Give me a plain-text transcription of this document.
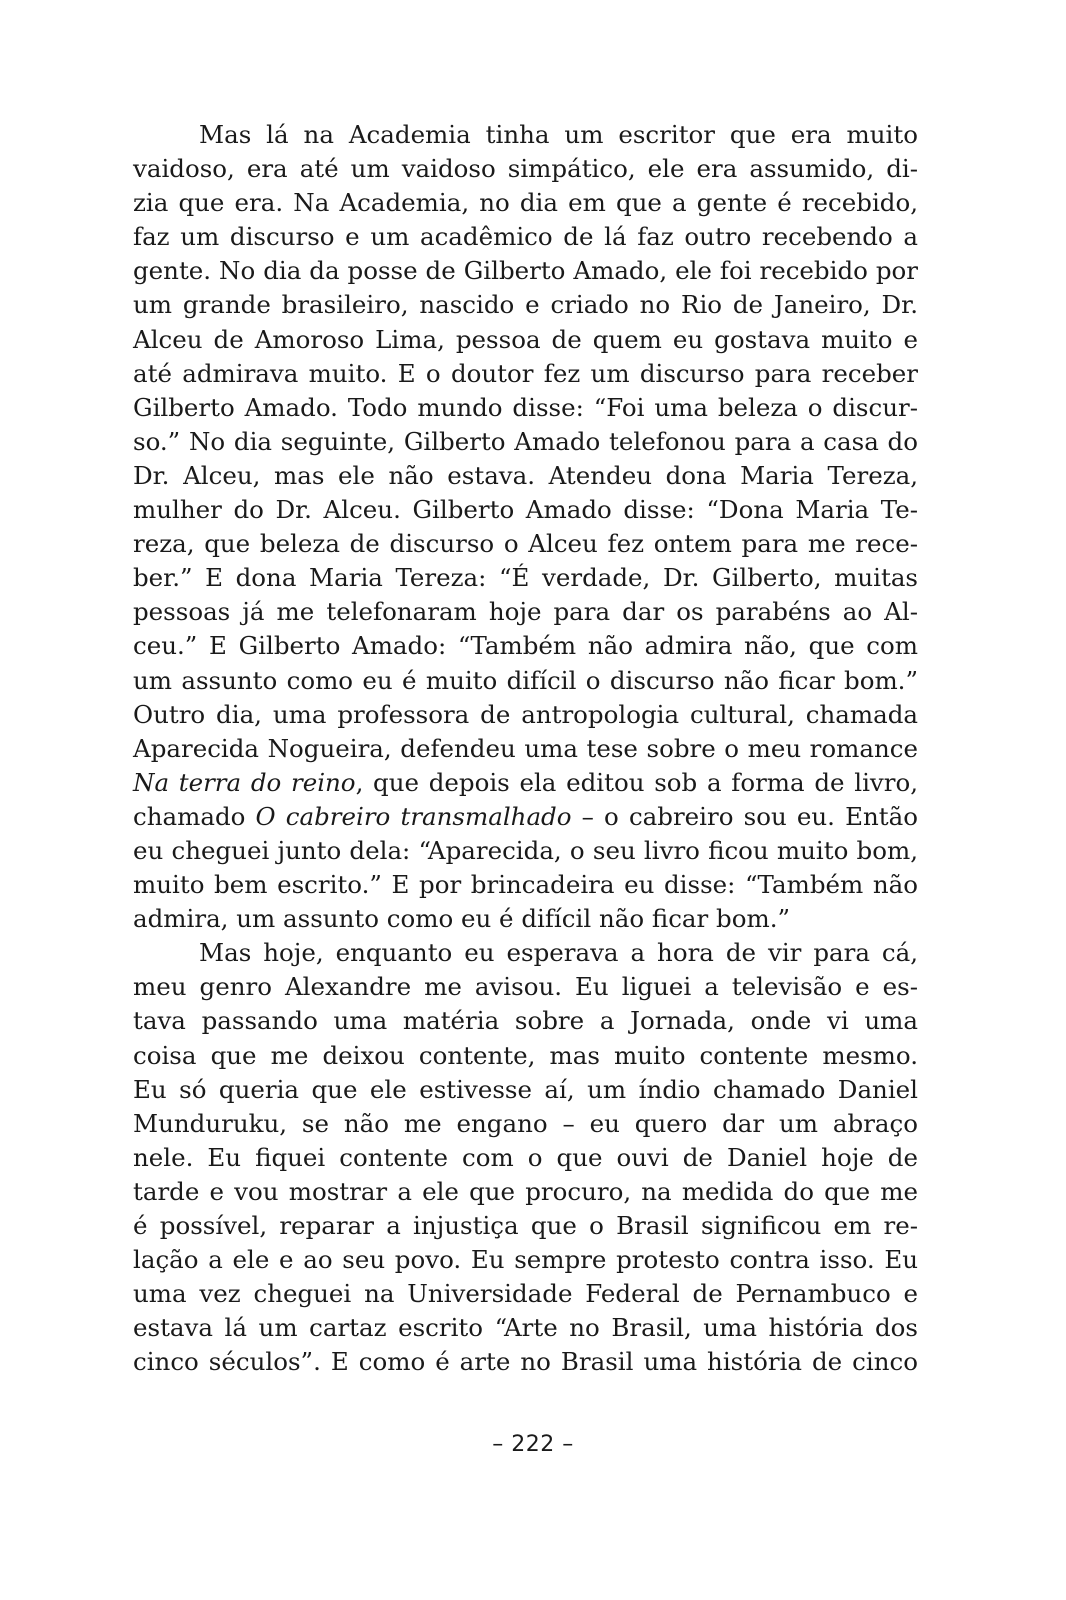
Mas lá na Academia tinha um escritor que era muito
vaidoso, era até um vaidoso simpático, ele era assumido, di-
zia que era. Na Academia, no dia em que a gente é recebido,
faz um discurso e um acadêmico de lá faz outro recebendo a
gente. No dia da posse de Gilberto Amado, ele foi recebido por
um grande brasileiro, nascido e criado no Rio de Janeiro, Dr.
Alceu de Amoroso Lima, pessoa de quem eu gostava muito e
até admirava muito. E o doutor fez um discurso para receber
Gilberto Amado. Todo mundo disse: “Foi uma beleza o discur-
so.” No dia seguinte, Gilberto Amado telefonou para a casa do
Dr. Alceu, mas ele não estava. Atendeu dona Maria Tereza,
mulher do Dr. Alceu. Gilberto Amado disse: “Dona Maria Te-
reza, que beleza de discurso o Alceu fez ontem para me rece-
ber.” E dona Maria Tereza: “É verdade, Dr. Gilberto, muitas
pessoas já me telefonaram hoje para dar os parabéns ao Al-
ceu.” E Gilberto Amado: “Também não admira não, que com
um assunto como eu é muito difícil o discurso não ficar bom.”
Outro dia, uma professora de antropologia cultural, chamada
Aparecida Nogueira, defendeu uma tese sobre o meu romance
Na terra do reino, que depois ela editou sob a forma de livro,
chamado O cabreiro transmalhado – o cabreiro sou eu. Então
eu cheguei junto dela: “Aparecida, o seu livro ficou muito bom,
muito bem escrito.” E por brincadeira eu disse: “Também não
admira, um assunto como eu é difícil não ficar bom.”
Mas hoje, enquanto eu esperava a hora de vir para cá,
meu genro Alexandre me avisou. Eu liguei a televisão e es-
tava passando uma matéria sobre a Jornada, onde vi uma
coisa que me deixou contente, mas muito contente mesmo.
Eu só queria que ele estivesse aí, um índio chamado Daniel
Munduruku, se não me engano – eu quero dar um abraço
nele. Eu fiquei contente com o que ouvi de Daniel hoje de
tarde e vou mostrar a ele que procuro, na medida do que me
é possível, reparar a injustiça que o Brasil significou em re-
lação a ele e ao seu povo. Eu sempre protesto contra isso. Eu
uma vez cheguei na Universidade Federal de Pernambuco e
estava lá um cartaz escrito “Arte no Brasil, uma história dos
cinco séculos”. E como é arte no Brasil uma história de cinco
– 222 –
